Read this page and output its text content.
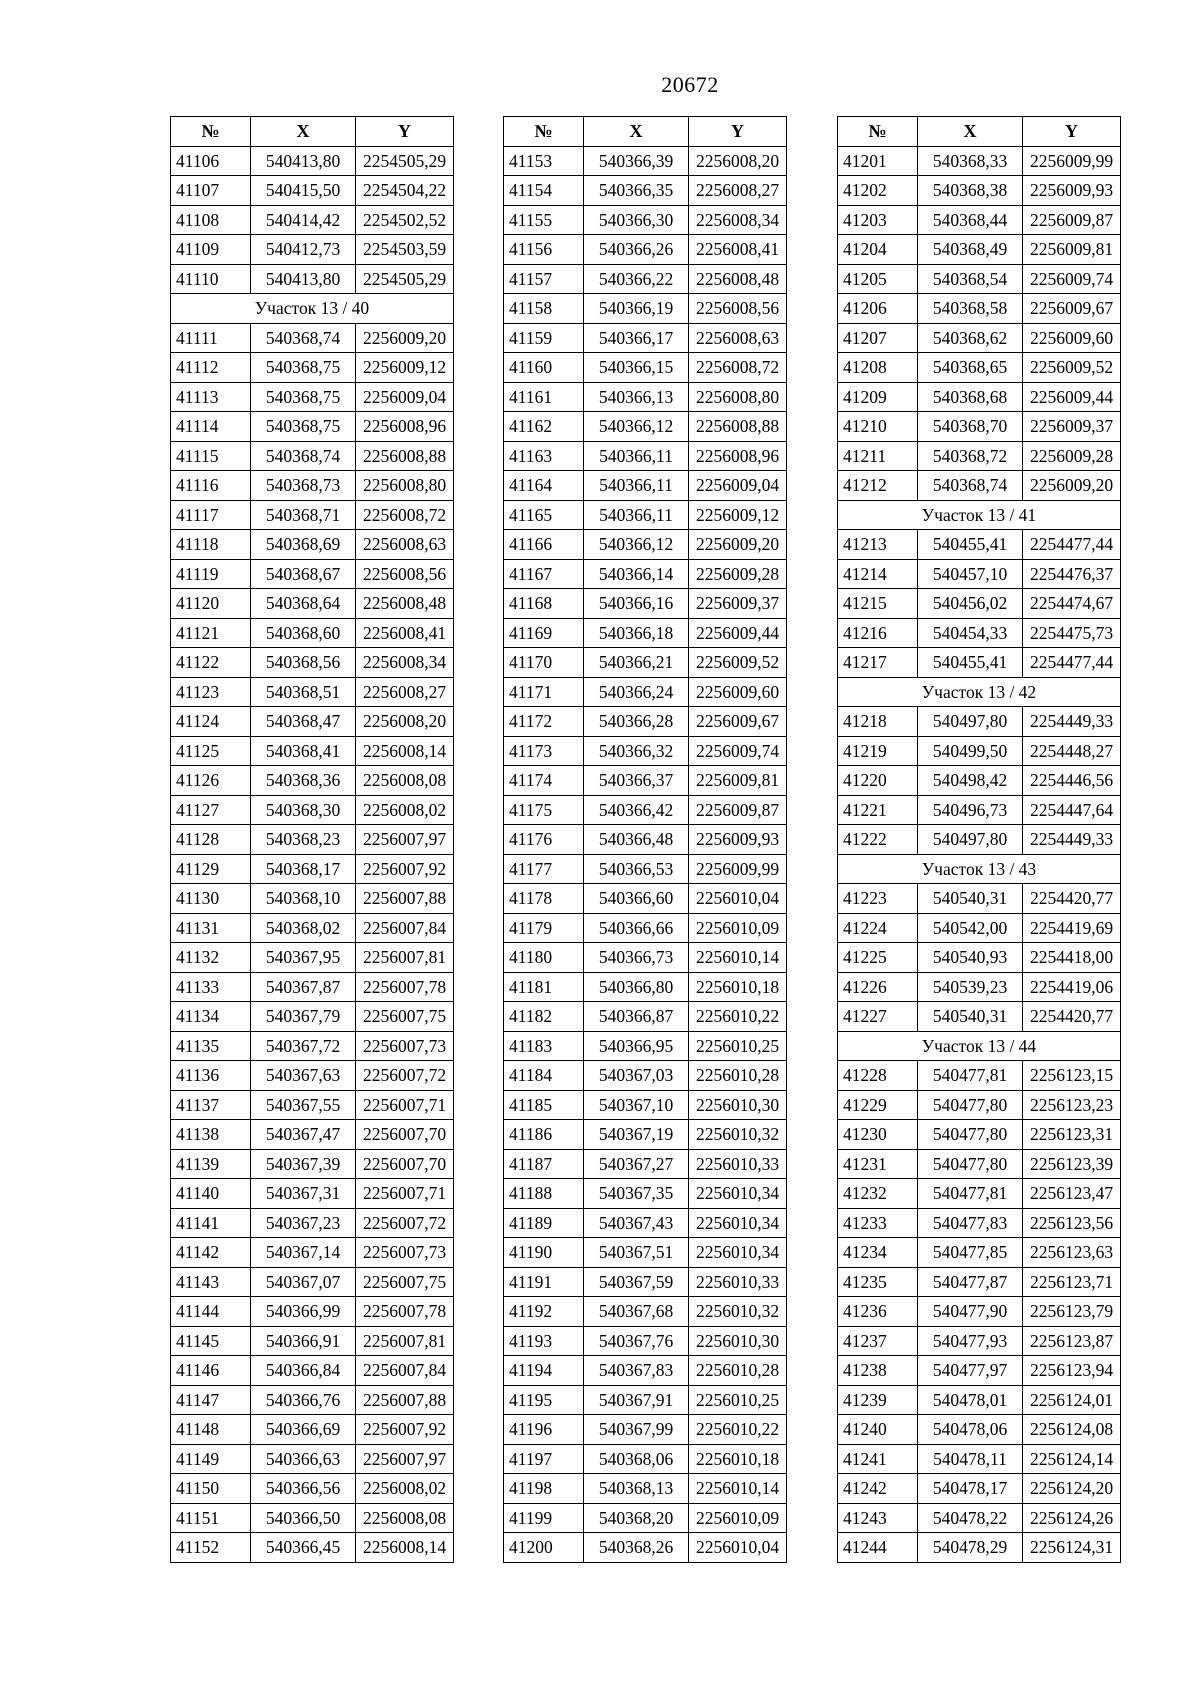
20672
№	X	Y
41106	540413,80	2254505,29
41107	540415,50	2254504,22
41108	540414,42	2254502,52
41109	540412,73	2254503,59
41110	540413,80	2254505,29
Участок 13 / 40		
41111	540368,74	2256009,20
41112	540368,75	2256009,12
41113	540368,75	2256009,04
41114	540368,75	2256008,96
41115	540368,74	2256008,88
41116	540368,73	2256008,80
41117	540368,71	2256008,72
41118	540368,69	2256008,63
41119	540368,67	2256008,56
41120	540368,64	2256008,48
41121	540368,60	2256008,41
41122	540368,56	2256008,34
41123	540368,51	2256008,27
41124	540368,47	2256008,20
41125	540368,41	2256008,14
41126	540368,36	2256008,08
41127	540368,30	2256008,02
41128	540368,23	2256007,97
41129	540368,17	2256007,92
41130	540368,10	2256007,88
41131	540368,02	2256007,84
41132	540367,95	2256007,81
41133	540367,87	2256007,78
41134	540367,79	2256007,75
41135	540367,72	2256007,73
41136	540367,63	2256007,72
41137	540367,55	2256007,71
41138	540367,47	2256007,70
41139	540367,39	2256007,70
41140	540367,31	2256007,71
41141	540367,23	2256007,72
41142	540367,14	2256007,73
41143	540367,07	2256007,75
41144	540366,99	2256007,78
41145	540366,91	2256007,81
41146	540366,84	2256007,84
41147	540366,76	2256007,88
41148	540366,69	2256007,92
41149	540366,63	2256007,97
41150	540366,56	2256008,02
41151	540366,50	2256008,08
41152	540366,45	2256008,14
№	X	Y
41153	540366,39	2256008,20
41154	540366,35	2256008,27
41155	540366,30	2256008,34
41156	540366,26	2256008,41
41157	540366,22	2256008,48
41158	540366,19	2256008,56
41159	540366,17	2256008,63
41160	540366,15	2256008,72
41161	540366,13	2256008,80
41162	540366,12	2256008,88
41163	540366,11	2256008,96
41164	540366,11	2256009,04
41165	540366,11	2256009,12
41166	540366,12	2256009,20
41167	540366,14	2256009,28
41168	540366,16	2256009,37
41169	540366,18	2256009,44
41170	540366,21	2256009,52
41171	540366,24	2256009,60
41172	540366,28	2256009,67
41173	540366,32	2256009,74
41174	540366,37	2256009,81
41175	540366,42	2256009,87
41176	540366,48	2256009,93
41177	540366,53	2256009,99
41178	540366,60	2256010,04
41179	540366,66	2256010,09
41180	540366,73	2256010,14
41181	540366,80	2256010,18
41182	540366,87	2256010,22
41183	540366,95	2256010,25
41184	540367,03	2256010,28
41185	540367,10	2256010,30
41186	540367,19	2256010,32
41187	540367,27	2256010,33
41188	540367,35	2256010,34
41189	540367,43	2256010,34
41190	540367,51	2256010,34
41191	540367,59	2256010,33
41192	540367,68	2256010,32
41193	540367,76	2256010,30
41194	540367,83	2256010,28
41195	540367,91	2256010,25
41196	540367,99	2256010,22
41197	540368,06	2256010,18
41198	540368,13	2256010,14
41199	540368,20	2256010,09
41200	540368,26	2256010,04
№	X	Y
41201	540368,33	2256009,99
41202	540368,38	2256009,93
41203	540368,44	2256009,87
41204	540368,49	2256009,81
41205	540368,54	2256009,74
41206	540368,58	2256009,67
41207	540368,62	2256009,60
41208	540368,65	2256009,52
41209	540368,68	2256009,44
41210	540368,70	2256009,37
41211	540368,72	2256009,28
41212	540368,74	2256009,20
Участок 13 / 41		
41213	540455,41	2254477,44
41214	540457,10	2254476,37
41215	540456,02	2254474,67
41216	540454,33	2254475,73
41217	540455,41	2254477,44
Участок 13 / 42		
41218	540497,80	2254449,33
41219	540499,50	2254448,27
41220	540498,42	2254446,56
41221	540496,73	2254447,64
41222	540497,80	2254449,33
Участок 13 / 43		
41223	540540,31	2254420,77
41224	540542,00	2254419,69
41225	540540,93	2254418,00
41226	540539,23	2254419,06
41227	540540,31	2254420,77
Участок 13 / 44		
41228	540477,81	2256123,15
41229	540477,80	2256123,23
41230	540477,80	2256123,31
41231	540477,80	2256123,39
41232	540477,81	2256123,47
41233	540477,83	2256123,56
41234	540477,85	2256123,63
41235	540477,87	2256123,71
41236	540477,90	2256123,79
41237	540477,93	2256123,87
41238	540477,97	2256123,94
41239	540478,01	2256124,01
41240	540478,06	2256124,08
41241	540478,11	2256124,14
41242	540478,17	2256124,20
41243	540478,22	2256124,26
41244	540478,29	2256124,31
